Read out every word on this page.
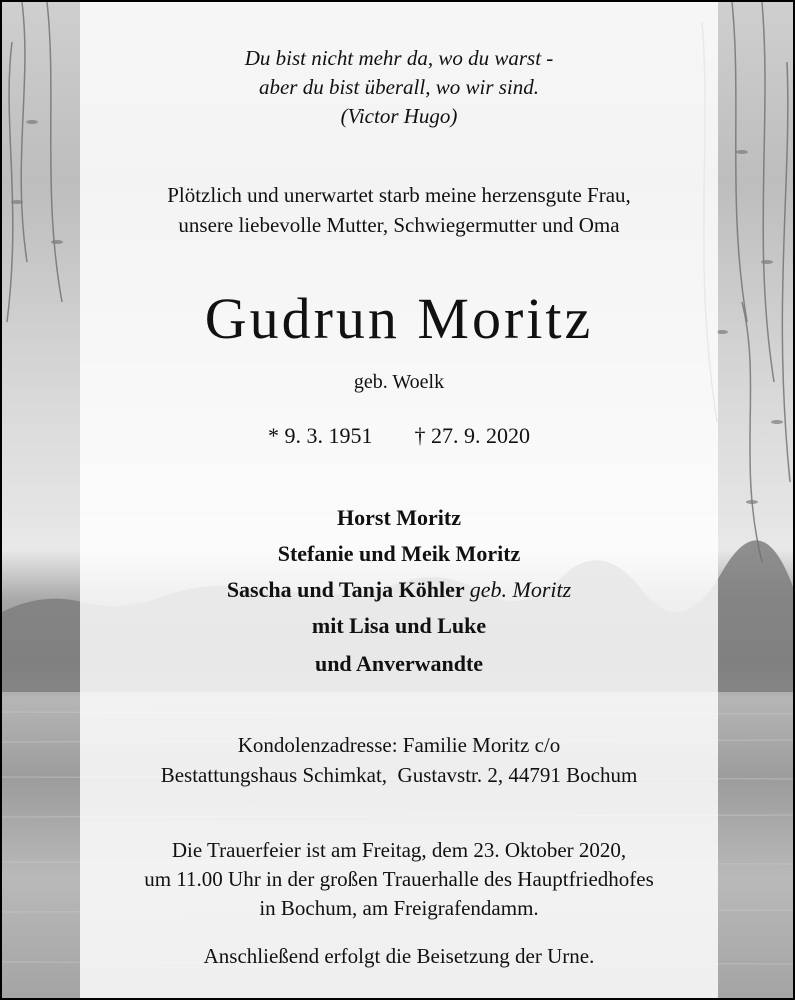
Du bist nicht mehr da, wo du warst -
aber du bist überall, wo wir sind.
(Victor Hugo)
Plötzlich und unerwartet starb meine herzensgute Frau,
unsere liebevolle Mutter, Schwiegermutter und Oma
Gudrun Moritz
geb. Woelk
* 9. 3. 1951 † 27. 9. 2020
Horst Moritz
Stefanie und Meik Moritz
Sascha und Tanja Köhler geb. Moritz
mit Lisa und Luke
und Anverwandte
Kondolenzadresse: Familie Moritz c/o
Bestattungshaus Schimkat,  Gustavstr. 2, 44791 Bochum
Die Trauerfeier ist am Freitag, dem 23. Oktober 2020,
um 11.00 Uhr in der großen Trauerhalle des Hauptfriedhofes
in Bochum, am Freigrafendamm.
Anschließend erfolgt die Beisetzung der Urne.
